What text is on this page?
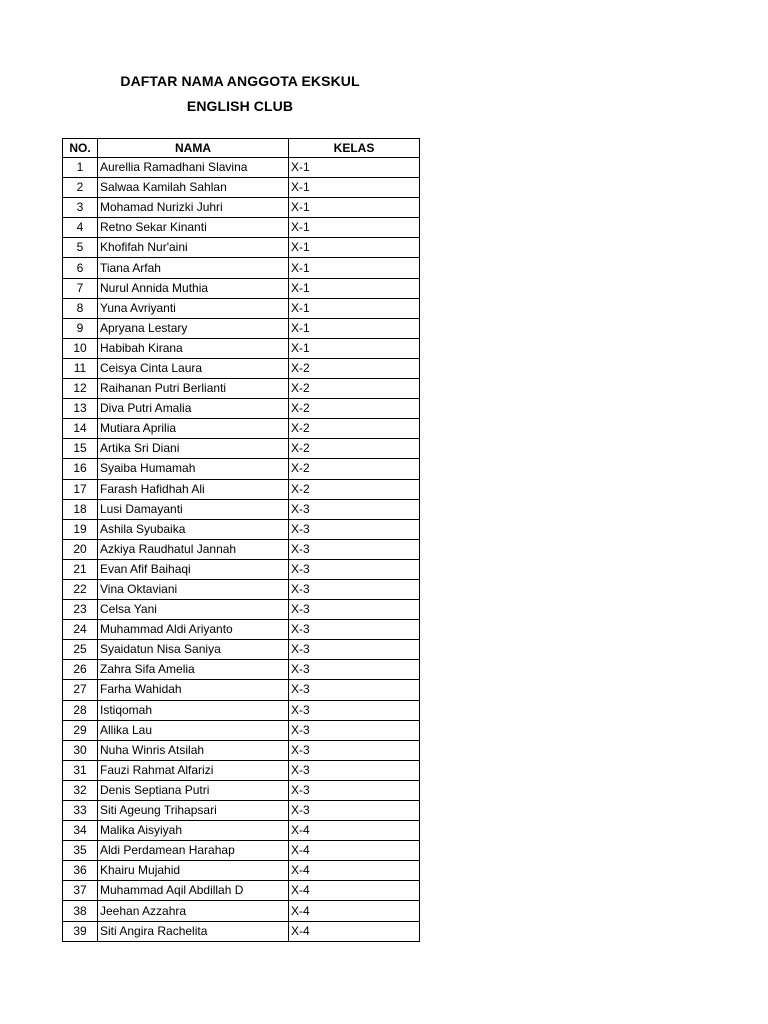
DAFTAR NAMA ANGGOTA EKSKUL
ENGLISH CLUB
NO.	NAMA	KELAS
1	Aurellia Ramadhani Slavina	X-1
2	Salwaa Kamilah Sahlan	X-1
3	Mohamad Nurizki Juhri	X-1
4	Retno Sekar Kinanti	X-1
5	Khofifah Nur'aini	X-1
6	Tiana Arfah	X-1
7	Nurul Annida Muthia	X-1
8	Yuna Avriyanti	X-1
9	Apryana Lestary	X-1
10	Habibah Kirana	X-1
11	Ceisya Cinta Laura	X-2
12	Raihanan Putri Berlianti	X-2
13	Diva Putri Amalia	X-2
14	Mutiara Aprilia	X-2
15	Artika Sri Diani	X-2
16	Syaiba Humamah	X-2
17	Farash Hafidhah Ali	X-2
18	Lusi Damayanti	X-3
19	Ashila Syubaika	X-3
20	Azkiya Raudhatul Jannah	X-3
21	Evan Afif Baihaqi	X-3
22	Vina Oktaviani	X-3
23	Celsa Yani	X-3
24	Muhammad Aldi Ariyanto	X-3
25	Syaidatun Nisa Saniya	X-3
26	Zahra Sifa Amelia	X-3
27	Farha Wahidah	X-3
28	Istiqomah	X-3
29	Allika Lau	X-3
30	Nuha Winris Atsilah	X-3
31	Fauzi Rahmat Alfarizi	X-3
32	Denis Septiana Putri	X-3
33	Siti Ageung Trihapsari	X-3
34	Malika Aisyiyah	X-4
35	Aldi Perdamean Harahap	X-4
36	Khairu Mujahid	X-4
37	Muhammad Aqil Abdillah D	X-4
38	Jeehan Azzahra	X-4
39	Siti Angira Rachelita	X-4
